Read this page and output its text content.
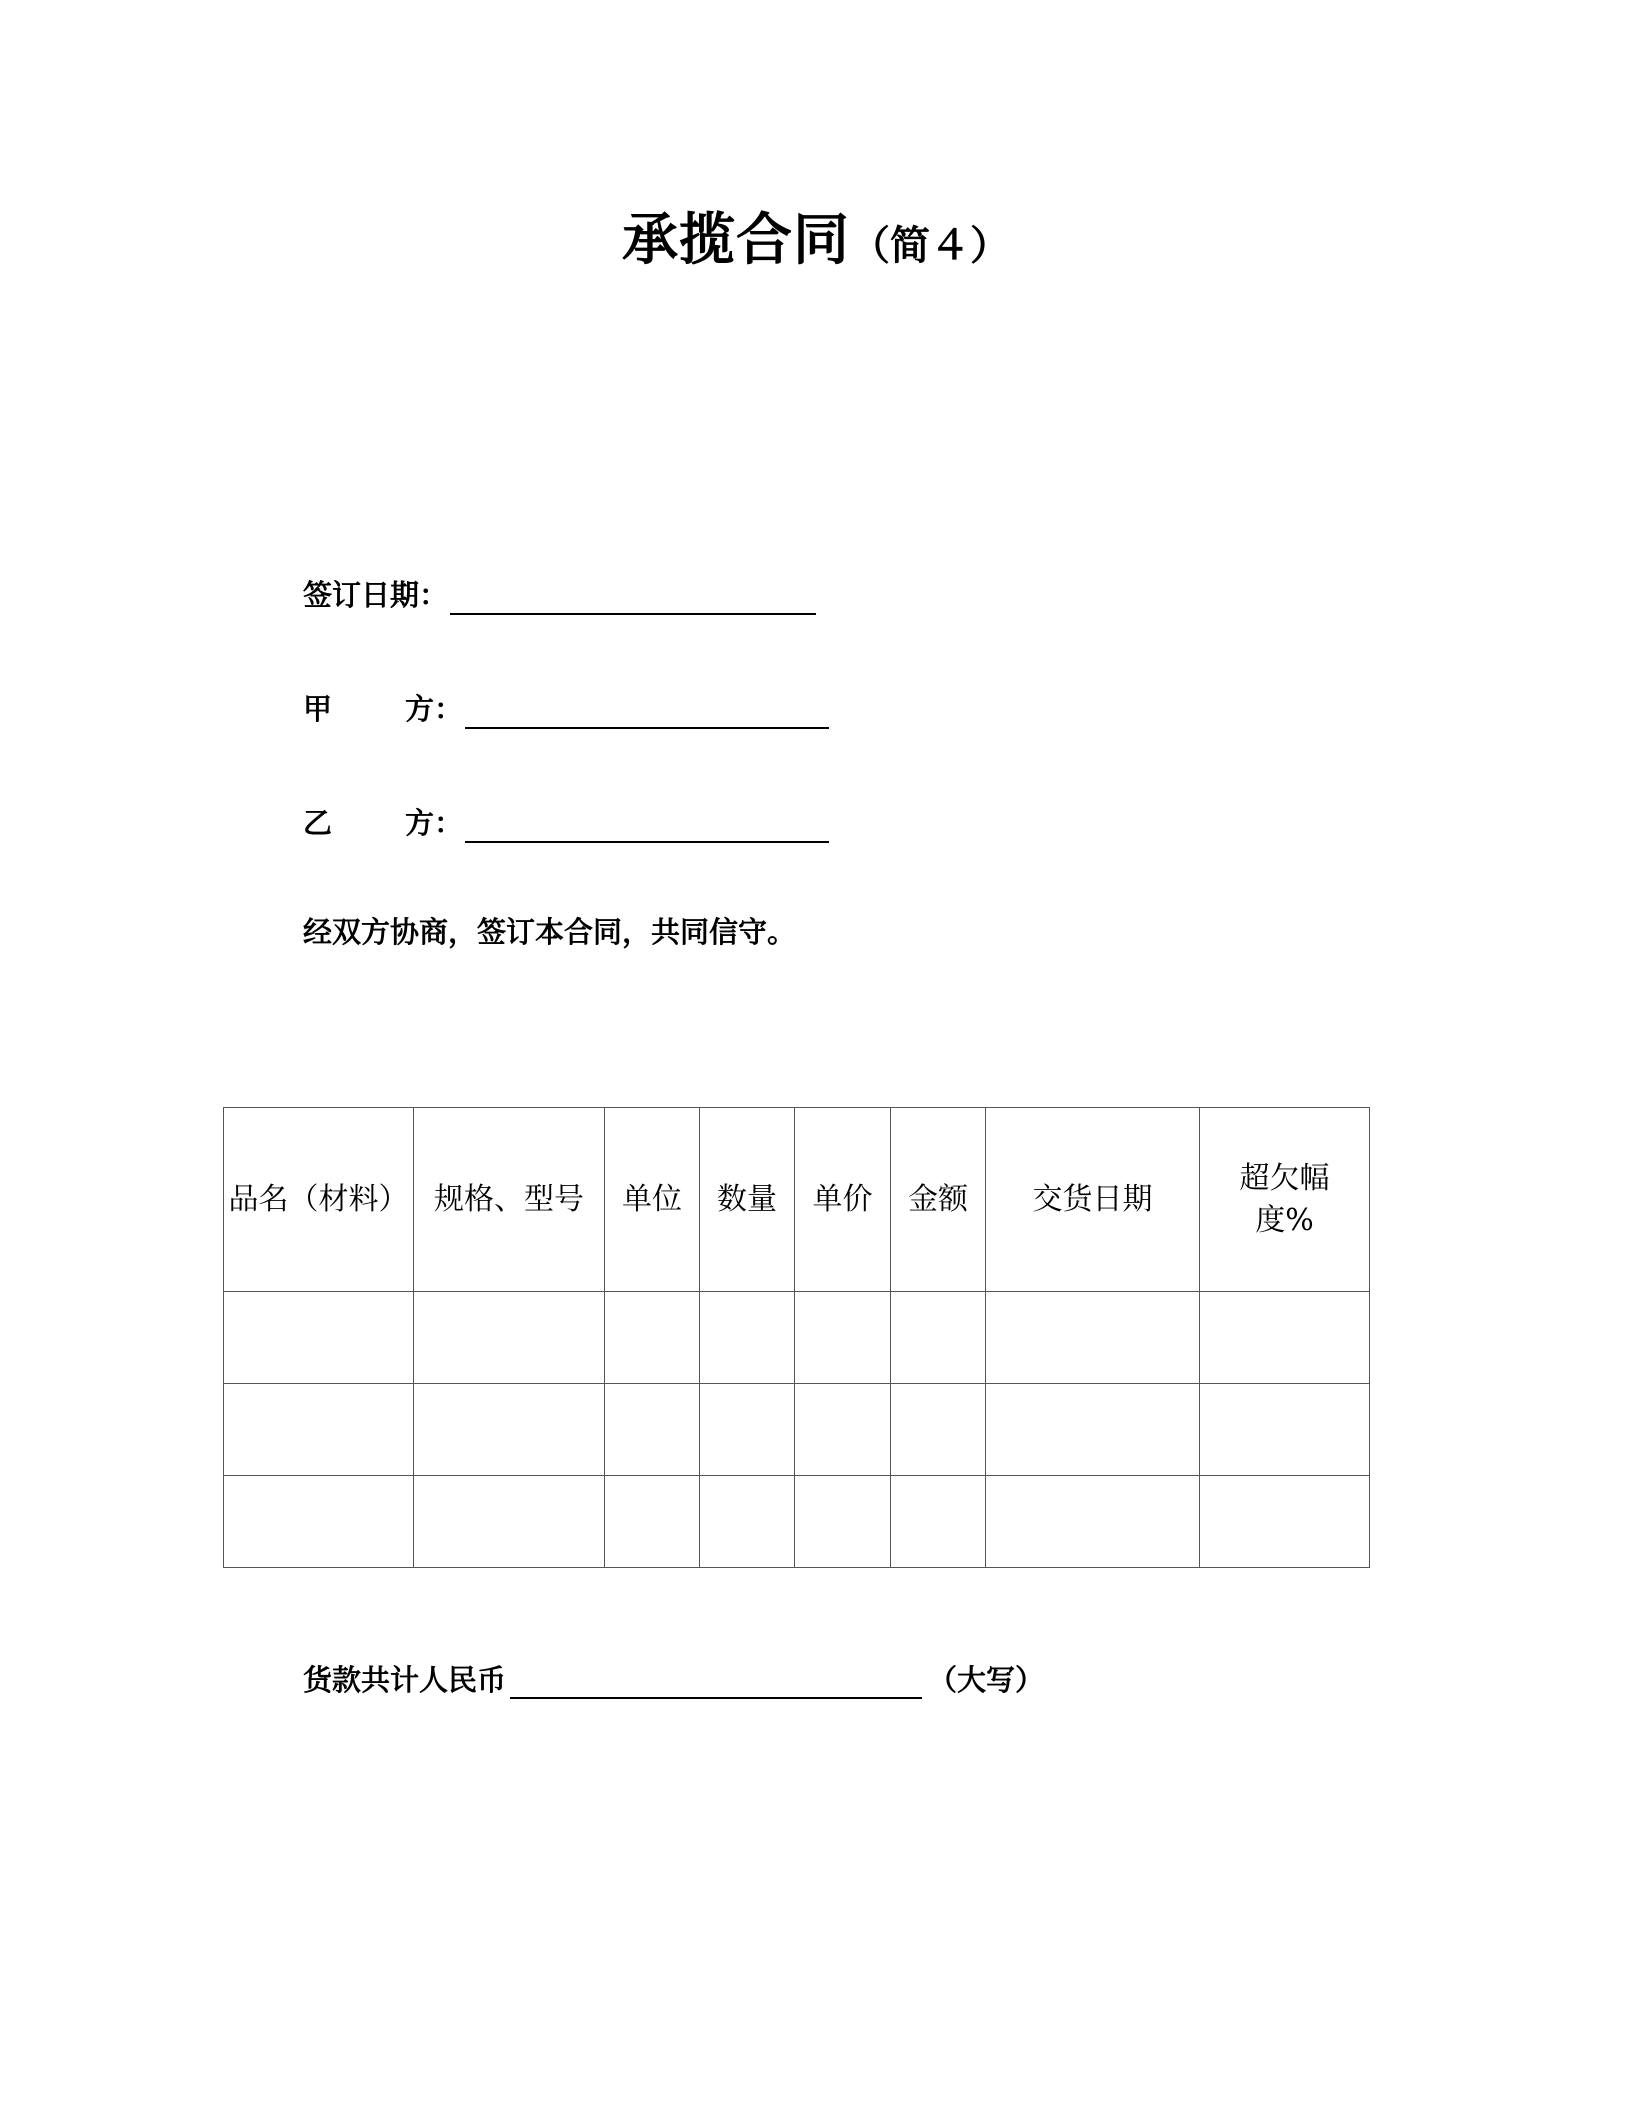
承揽合同（简４）
签订日期：
甲	方：
乙	方：
经双方协商，签订本合同，共同信守。
品名（材料）	规格、型号	单位	数量	单价	金额	交货日期	超欠幅度%

货款共计人民币	（大写）
